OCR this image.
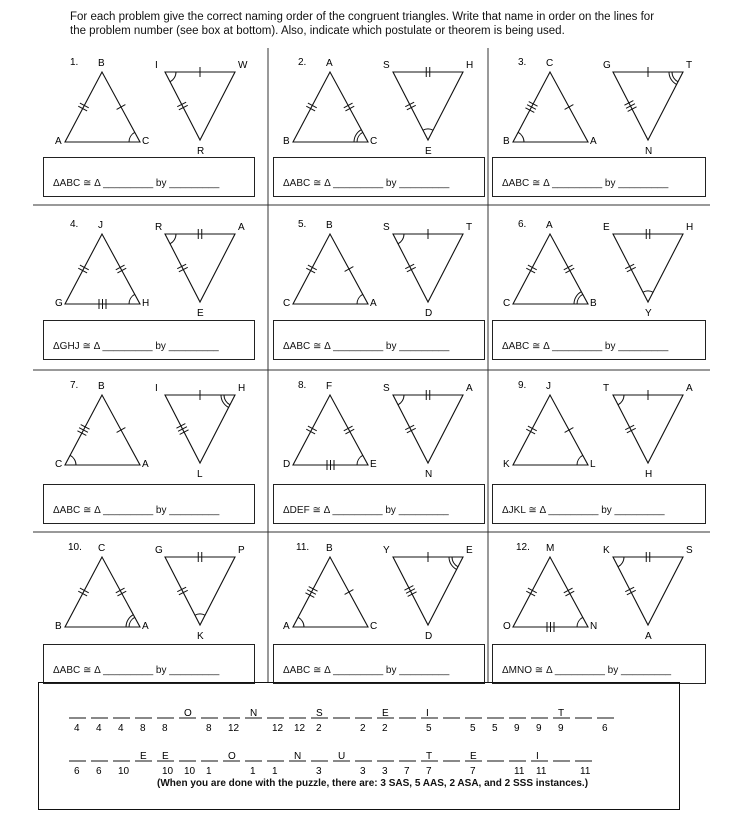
For each problem give the correct naming order of the congruent triangles. Write that name in order on the lines for the problem number (see box at bottom). Also, indicate which postulate or theorem is being used.
1. B
A	C
I	W
R
2. A
B	C
S	H
E
3. C
B	A
G	T
N
4. J
G	H
R	A
E
5. B
C	A
S	T
D
6. A
C	B
E	H
Y
7. B
C	A
I	H
L
8. F
D	E
S	A
N
9. J
K	L
T	A
H
10. C
B	A
G	P
K
11. B
A	C
Y	E
D
12. M
O	N
K	S
A
ΔABC ≅ Δ _________ by _________	ΔABC ≅ Δ _________ by _________	ΔABC ≅ Δ _________ by _________
ΔGHJ ≅ Δ _________ by _________	ΔABC ≅ Δ _________ by _________	ΔABC ≅ Δ _________ by _________
ΔABC ≅ Δ _________ by _________	ΔDEF ≅ Δ _________ by _________	ΔJKL ≅ Δ _________ by _________
ΔABC ≅ Δ _________ by _________	ΔABC ≅ Δ _________ by _________	ΔMNO ≅ Δ _________ by _________
4 4 4 8 8
O
8 12
N
12 12 2
S
2 2
E
5
I
5 5 9 9 9
T
6
6 6 10
E
10
E
10 1
O
1 1
N
3
U
3 3 7 7
T
7
E
11 11
I
11
(When you are done with the puzzle, there are: 3 SAS, 5 AAS, 2 ASA, and 2 SSS instances.)
